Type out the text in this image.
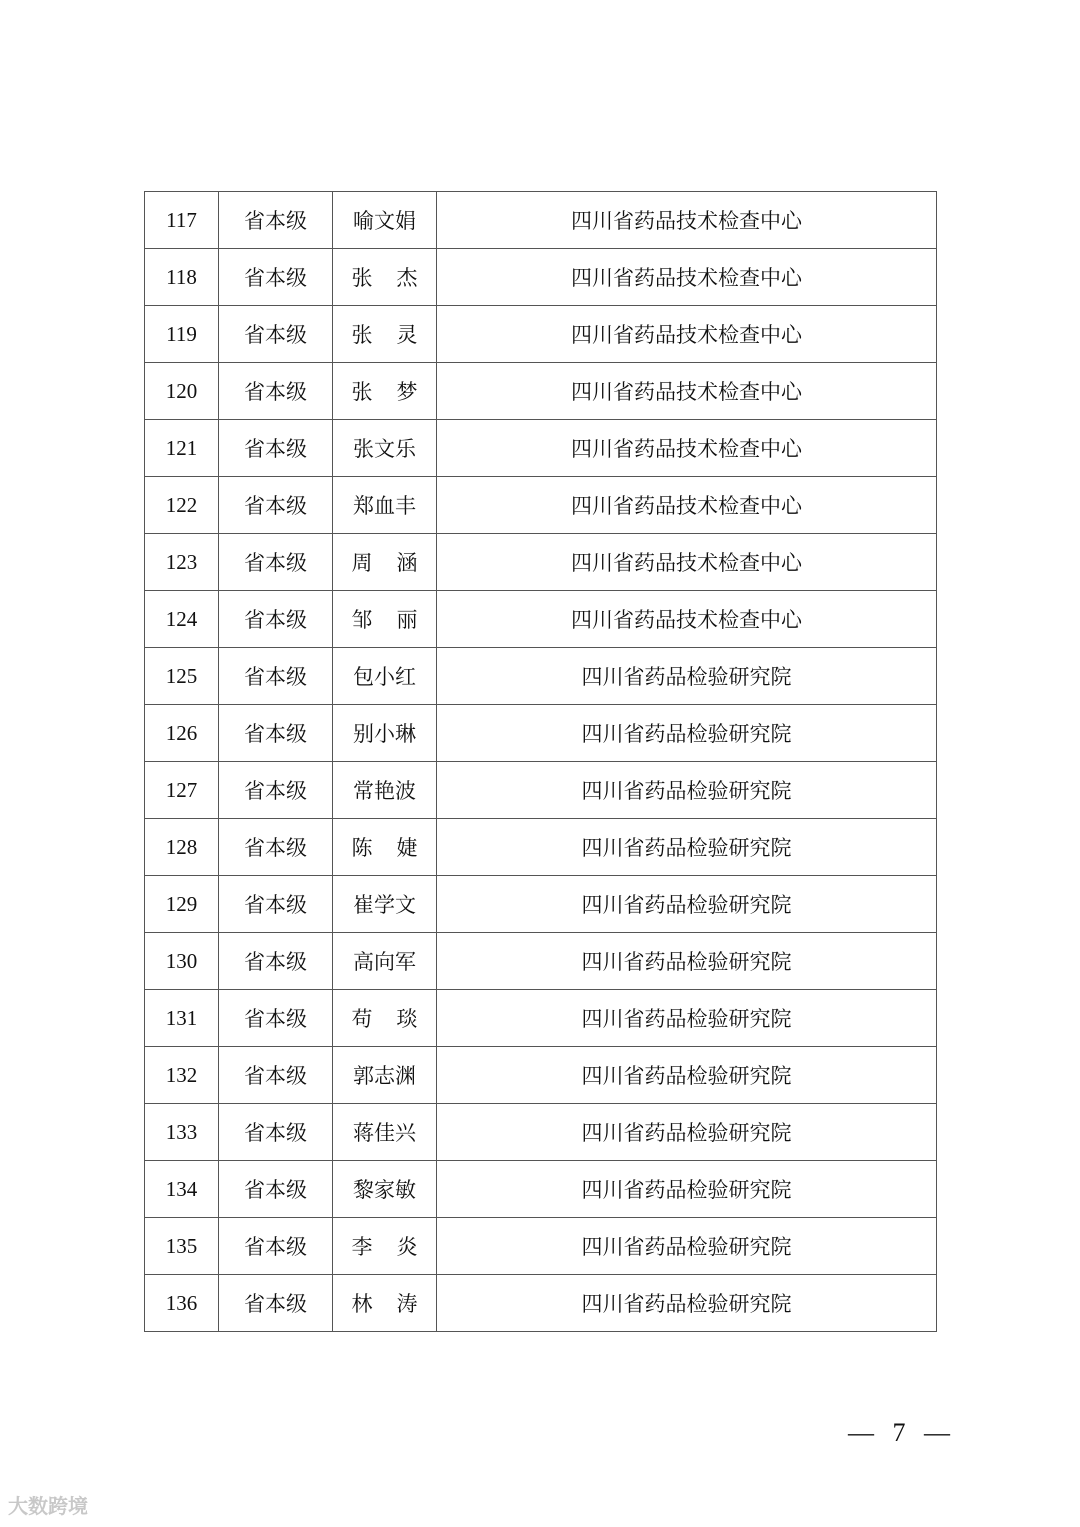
117	省本级	喻文娟	四川省药品技术检查中心
118	省本级	张 杰	四川省药品技术检查中心
119	省本级	张 灵	四川省药品技术检查中心
120	省本级	张 梦	四川省药品技术检查中心
121	省本级	张文乐	四川省药品技术检查中心
122	省本级	郑血丰	四川省药品技术检查中心
123	省本级	周 涵	四川省药品技术检查中心
124	省本级	邹 丽	四川省药品技术检查中心
125	省本级	包小红	四川省药品检验研究院
126	省本级	别小琳	四川省药品检验研究院
127	省本级	常艳波	四川省药品检验研究院
128	省本级	陈 婕	四川省药品检验研究院
129	省本级	崔学文	四川省药品检验研究院
130	省本级	高向军	四川省药品检验研究院
131	省本级	苟 琰	四川省药品检验研究院
132	省本级	郭志渊	四川省药品检验研究院
133	省本级	蒋佳兴	四川省药品检验研究院
134	省本级	黎家敏	四川省药品检验研究院
135	省本级	李 炎	四川省药品检验研究院
136	省本级	林 涛	四川省药品检验研究院
— 7 —
大数跨境
